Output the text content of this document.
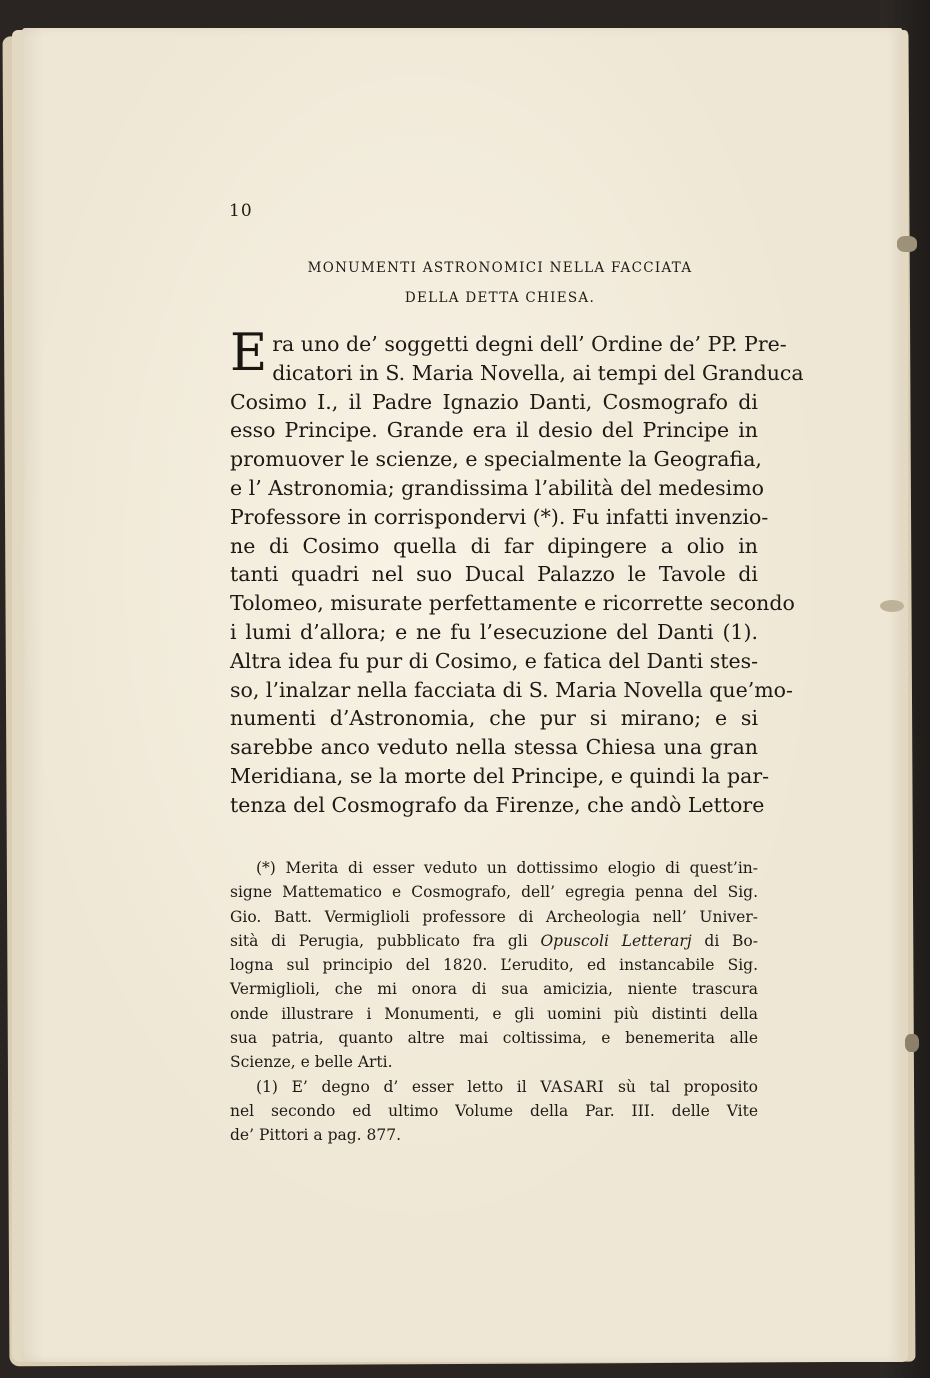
10
MONUMENTI ASTRONOMICI NELLA FACCIATA
DELLA DETTA CHIESA.
E ra uno de’ soggetti degni dell’ Ordine de’ PP. Pre-
dicatori in S. Maria Novella, ai tempi del Granduca
Cosimo I., il Padre Ignazio Danti, Cosmografo di
esso Principe. Grande era il desio del Principe in
promuover le scienze, e specialmente la Geografia,
e l’ Astronomia; grandissima l’abilità del medesimo
Professore in corrispondervi (*). Fu infatti invenzio-
ne di Cosimo quella di far dipingere a olio in
tanti quadri nel suo Ducal Palazzo le Tavole di
Tolomeo, misurate perfettamente e ricorrette secondo
i lumi d’allora; e ne fu l’esecuzione del Danti (1).
Altra idea fu pur di Cosimo, e fatica del Danti stes-
so, l’inalzar nella facciata di S. Maria Novella que’mo-
numenti d’Astronomia, che pur si mirano; e si
sarebbe anco veduto nella stessa Chiesa una gran
Meridiana, se la morte del Principe, e quindi la par-
tenza del Cosmografo da Firenze, che andò Lettore
(*) Merita di esser veduto un dottissimo elogio di quest’in-
signe Mattematico e Cosmografo, dell’ egregia penna del Sig.
Gio. Batt. Vermiglioli professore di Archeologia nell’ Univer-
sità di Perugia, pubblicato fra gli Opuscoli Letterarj di Bo-
logna sul principio del 1820. L’erudito, ed instancabile Sig.
Vermiglioli, che mi onora di sua amicizia, niente trascura
onde illustrare i Monumenti, e gli uomini più distinti della
sua patria, quanto altre mai coltissima, e benemerita alle
Scienze, e belle Arti.
(1) E’ degno d’ esser letto il VASARI sù tal proposito
nel secondo ed ultimo Volume della Par. III. delle Vite
de’ Pittori a pag. 877.
